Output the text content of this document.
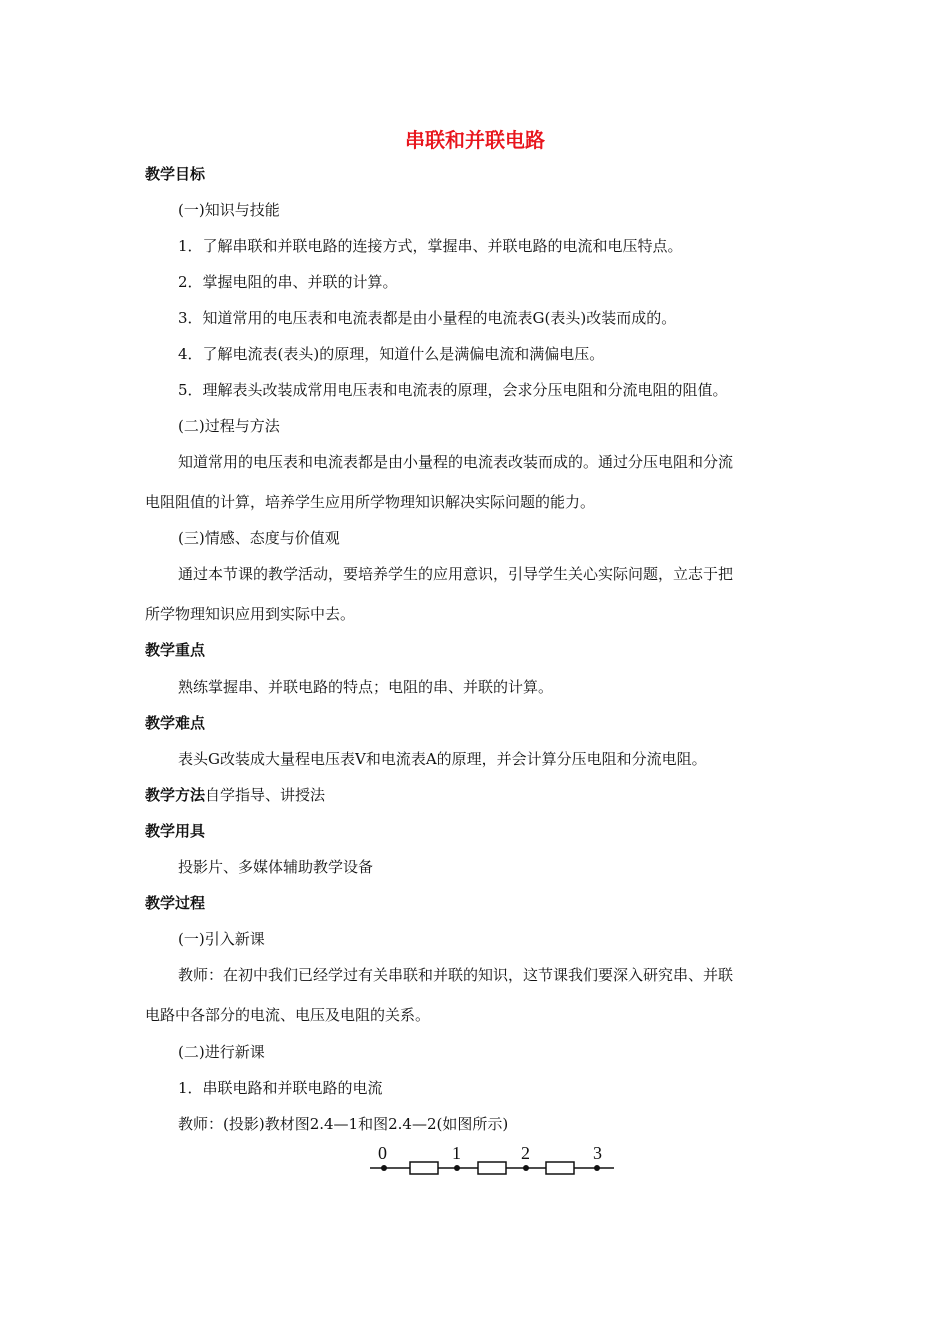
串联和并联电路
教学目标
(一)知识与技能
1．了解串联和并联电路的连接方式，掌握串、并联电路的电流和电压特点。
2．掌握电阻的串、并联的计算。
3．知道常用的电压表和电流表都是由小量程的电流表G(表头)改装而成的。
4．了解电流表(表头)的原理，知道什么是满偏电流和满偏电压。
5．理解表头改装成常用电压表和电流表的原理，会求分压电阻和分流电阻的阻值。
(二)过程与方法
知道常用的电压表和电流表都是由小量程的电流表改装而成的。通过分压电阻和分流
电阻阻值的计算，培养学生应用所学物理知识解决实际问题的能力。
(三)情感、态度与价值观
通过本节课的教学活动，要培养学生的应用意识，引导学生关心实际问题，立志于把
所学物理知识应用到实际中去。
教学重点
熟练掌握串、并联电路的特点；电阻的串、并联的计算。
教学难点
表头G改装成大量程电压表V和电流表A的原理，并会计算分压电阻和分流电阻。
教学方法自学指导、讲授法
教学用具
投影片、多媒体辅助教学设备
教学过程
(一)引入新课
教师：在初中我们已经学过有关串联和并联的知识，这节课我们要深入研究串、并联
电路中各部分的电流、电压及电阻的关系。
(二)进行新课
1．串联电路和并联电路的电流
教师：(投影)教材图2.4—1和图2.4—2(如图所示)
0	1	2	3
